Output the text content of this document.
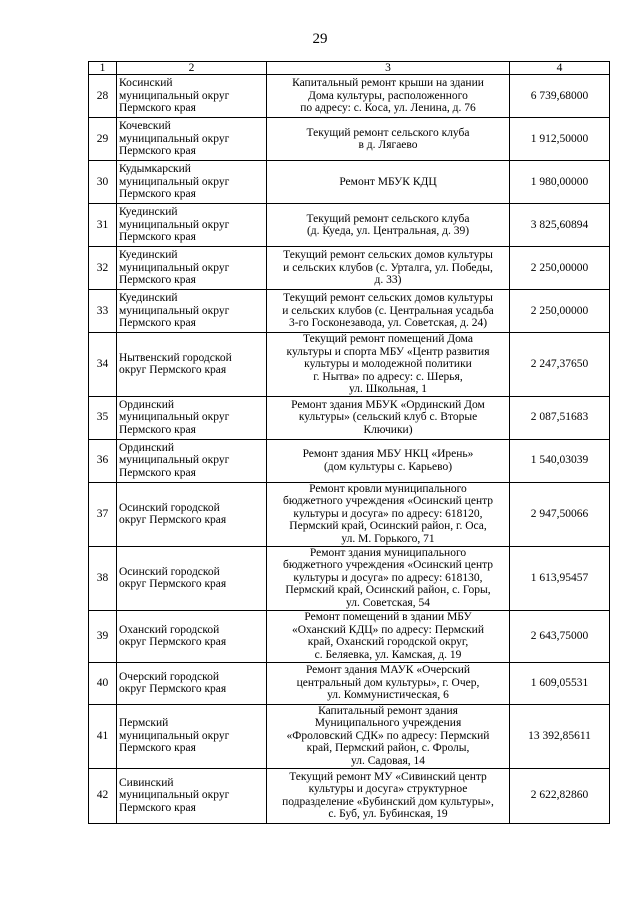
29
1	2	3	4
28	Косинский
муниципальный округ
Пермского края	Капитальный ремонт крыши на здании
Дома культуры, расположенного
по адресу: с. Коса, ул. Ленина, д. 76	6 739,68000
29	Кочевский
муниципальный округ
Пермского края	Текущий ремонт сельского клуба
в д. Лягаево	1 912,50000
30	Кудымкарский
муниципальный округ
Пермского края	Ремонт МБУК КДЦ	1 980,00000
31	Куединский
муниципальный округ
Пермского края	Текущий ремонт сельского клуба
(д. Куеда, ул. Центральная, д. 39)	3 825,60894
32	Куединский
муниципальный округ
Пермского края	Текущий ремонт сельских домов культуры
и сельских клубов (с. Урталга, ул. Победы,
д. 33)	2 250,00000
33	Куединский
муниципальный округ
Пермского края	Текущий ремонт сельских домов культуры
и сельских клубов (с. Центральная усадьба
3-го Госконезавода, ул. Советская, д. 24)	2 250,00000
34	Нытвенский городской
округ Пермского края	Текущий ремонт помещений Дома
культуры и спорта МБУ «Центр развития
культуры и молодежной политики
г. Нытва» по адресу: с. Шерья,
ул. Школьная, 1	2 247,37650
35	Ординский
муниципальный округ
Пермского края	Ремонт здания МБУК «Ординский Дом
культуры» (сельский клуб с. Вторые
Ключики)	2 087,51683
36	Ординский
муниципальный округ
Пермского края	Ремонт здания МБУ НКЦ «Ирень»
(дом культуры с. Карьево)	1 540,03039
37	Осинский городской
округ Пермского края	Ремонт кровли муниципального
бюджетного учреждения «Осинский центр
культуры и досуга» по адресу: 618120,
Пермский край, Осинский район, г. Оса,
ул. М. Горького, 71	2 947,50066
38	Осинский городской
округ Пермского края	Ремонт здания муниципального
бюджетного учреждения «Осинский центр
культуры и досуга» по адресу: 618130,
Пермский край, Осинский район, с. Горы,
ул. Советская, 54	1 613,95457
39	Оханский городской
округ Пермского края	Ремонт помещений в здании МБУ
«Оханский КДЦ» по адресу: Пермский
край, Оханский городской округ,
с. Беляевка, ул. Камская, д. 19	2 643,75000
40	Очерский городской
округ Пермского края	Ремонт здания МАУК «Очерский
центральный дом культуры», г. Очер,
ул. Коммунистическая, 6	1 609,05531
41	Пермский
муниципальный округ
Пермского края	Капитальный ремонт здания
Муниципального учреждения
«Фроловский СДК» по адресу: Пермский
край, Пермский район, с. Фролы,
ул. Садовая, 14	13 392,85611
42	Сивинский
муниципальный округ
Пермского края	Текущий ремонт МУ «Сивинский центр
культуры и досуга» структурное
подразделение «Бубинский дом культуры»,
с. Буб, ул. Бубинская, 19	2 622,82860
